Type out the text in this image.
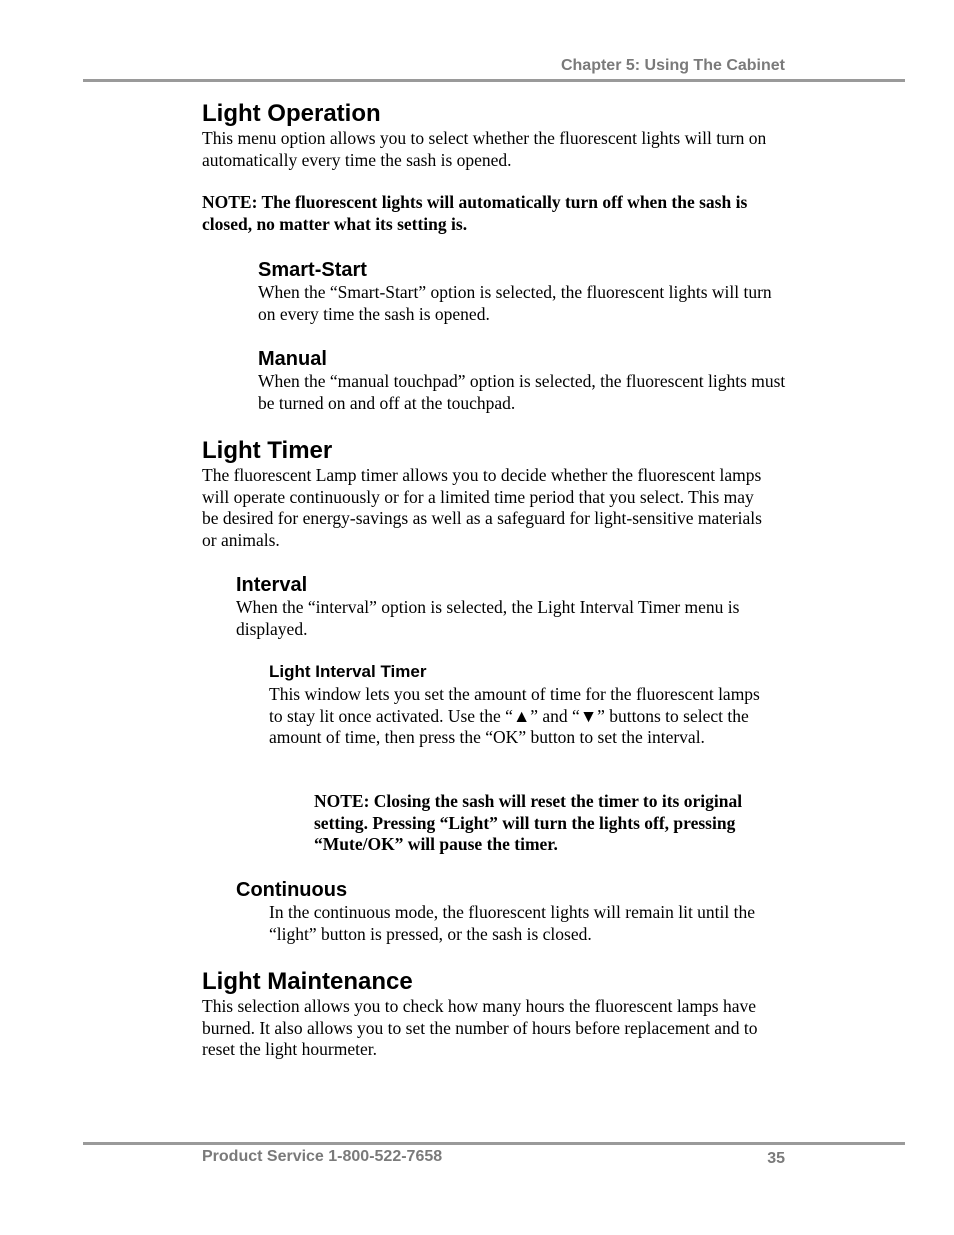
Chapter 5: Using The Cabinet
Light Operation

This menu option allows you to select whether the fluorescent lights will turn on automatically every time the sash is opened.

NOTE: The fluorescent lights will automatically turn off when the sash is closed, no matter what its setting is.

Smart-Start

When the “Smart-Start” option is selected, the fluorescent lights will turn on every time the sash is opened.

Manual

When the “manual touchpad” option is selected, the fluorescent lights must be turned on and off at the touchpad.

Light Timer

The fluorescent Lamp timer allows you to decide whether the fluorescent lamps will operate continuously or for a limited time period that you select. This may be desired for energy-savings as well as a safeguard for light-sensitive materials or animals.

Interval

When the “interval” option is selected, the Light Interval Timer menu is displayed.

Light Interval Timer

This window lets you set the amount of time for the fluorescent lamps to stay lit once activated. Use the “▲” and “▼” buttons to select the amount of time, then press the “OK” button to set the interval.

NOTE: Closing the sash will reset the timer to its original setting. Pressing “Light” will turn the lights off, pressing “Mute/OK” will pause the timer.

Continuous

In the continuous mode, the fluorescent lights will remain lit until the “light” button is pressed, or the sash is closed.

Light Maintenance

This selection allows you to check how many hours the fluorescent lamps have burned. It also allows you to set the number of hours before replacement and to reset the light hourmeter.

Product Service 1-800-522-7658	35
